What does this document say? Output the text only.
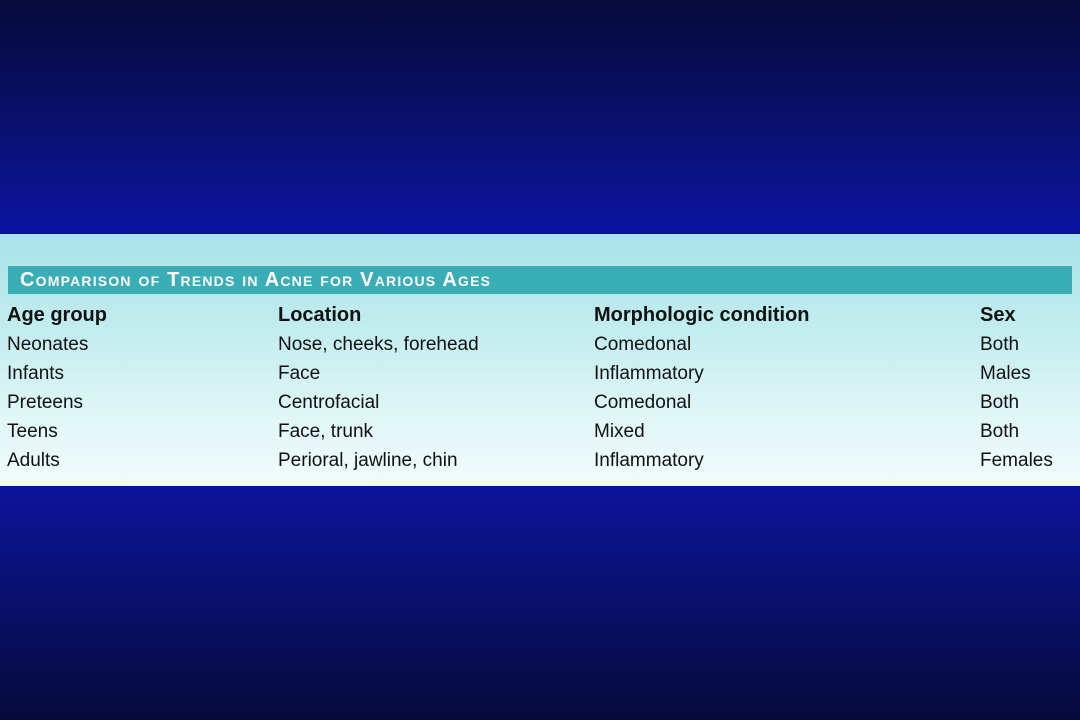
Comparison of Trends in Acne for Various Ages
Age group	Location	Morphologic condition	Sex
Neonates	Nose, cheeks, forehead	Comedonal	Both
Infants	Face	Inflammatory	Males
Preteens	Centrofacial	Comedonal	Both
Teens	Face, trunk	Mixed	Both
Adults	Perioral, jawline, chin	Inflammatory	Females
